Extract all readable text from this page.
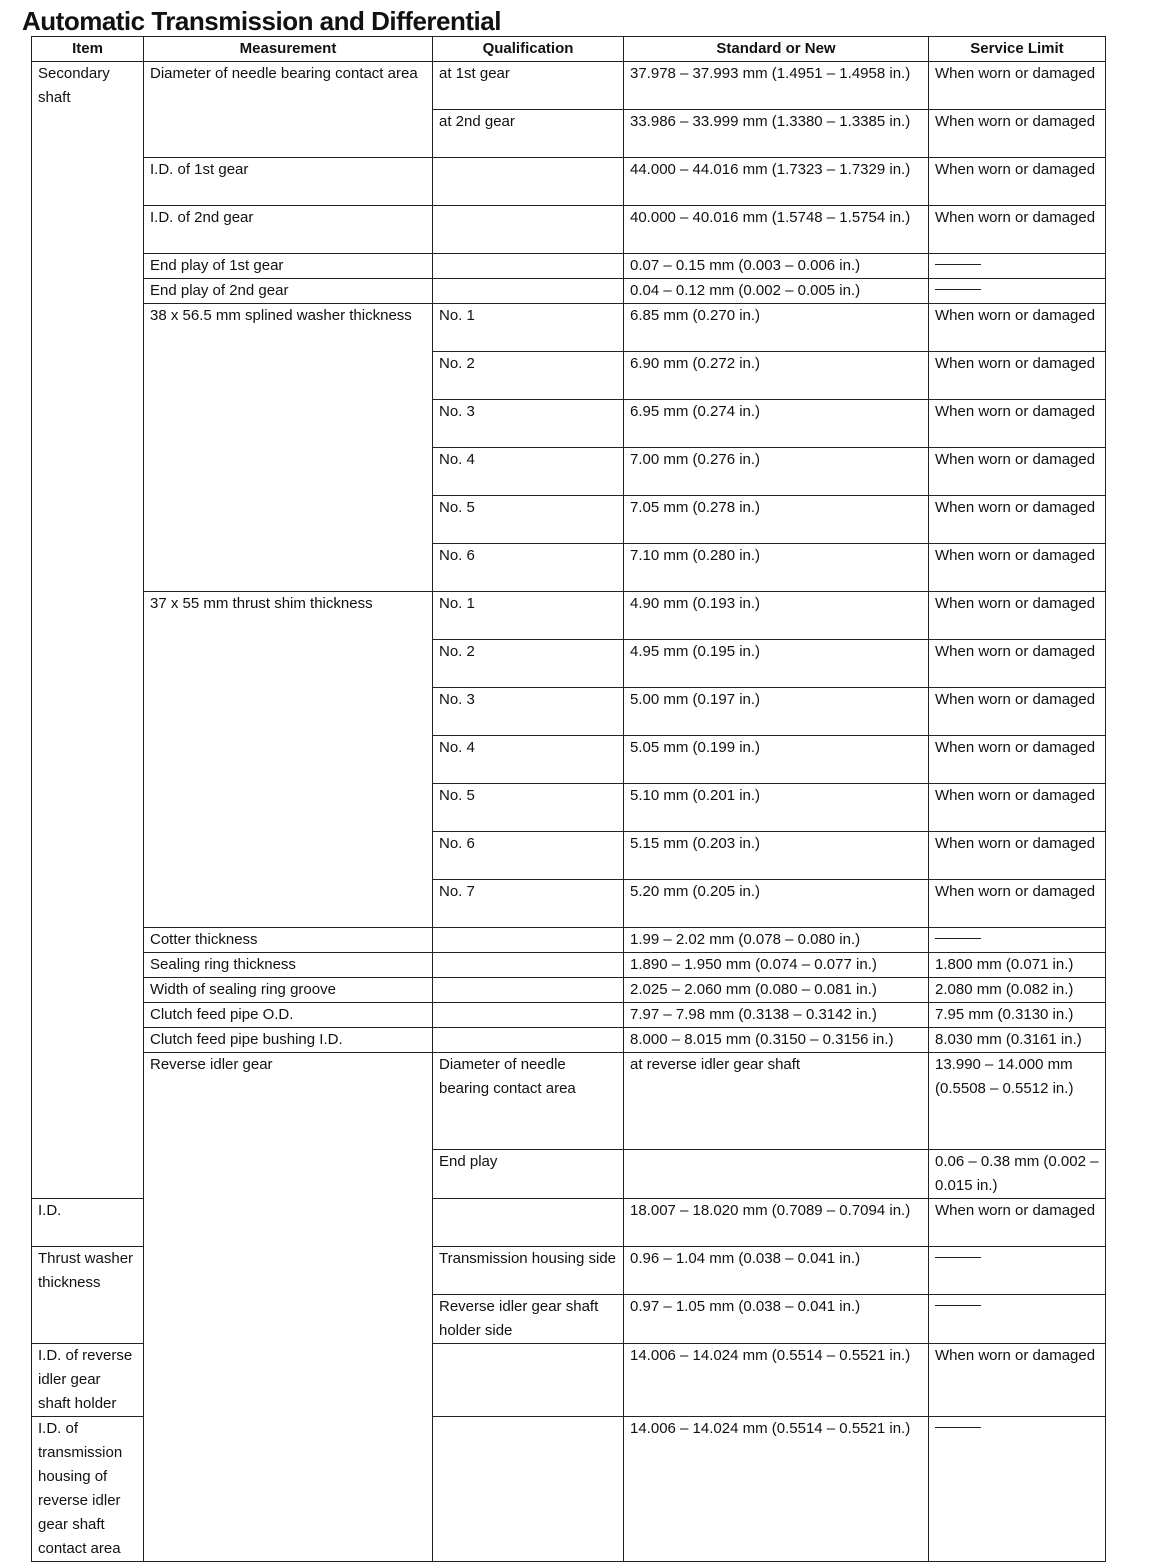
Automatic Transmission and Differential
Item	Measurement	Qualification	Standard or New	Service Limit	
Secondary shaft	Diameter of needle bearing contact area	at 1st gear	37.978 – 37.993 mm (1.4951 – 1.4958 in.)	When worn or damaged	
		at 2nd gear	33.986 – 33.999 mm (1.3380 – 1.3385 in.)	When worn or damaged	
	I.D. of 1st gear		44.000 – 44.016 mm (1.7323 – 1.7329 in.)	When worn or damaged	
	I.D. of 2nd gear		40.000 – 40.016 mm (1.5748 – 1.5754 in.)	When worn or damaged	
	End play of 1st gear		0.07 – 0.15 mm (0.003 – 0.006 in.)		
	End play of 2nd gear		0.04 – 0.12 mm (0.002 – 0.005 in.)		
	38 x 56.5 mm splined washer thickness	No. 1	6.85 mm (0.270 in.)	When worn or damaged	
		No. 2	6.90 mm (0.272 in.)	When worn or damaged	
		No. 3	6.95 mm (0.274 in.)	When worn or damaged	
		No. 4	7.00 mm (0.276 in.)	When worn or damaged	
		No. 5	7.05 mm (0.278 in.)	When worn or damaged	
		No. 6	7.10 mm (0.280 in.)	When worn or damaged	
	37 x 55 mm thrust shim thickness	No. 1	4.90 mm (0.193 in.)	When worn or damaged	
		No. 2	4.95 mm (0.195 in.)	When worn or damaged	
		No. 3	5.00 mm (0.197 in.)	When worn or damaged	
		No. 4	5.05 mm (0.199 in.)	When worn or damaged	
		No. 5	5.10 mm (0.201 in.)	When worn or damaged	
		No. 6	5.15 mm (0.203 in.)	When worn or damaged	
		No. 7	5.20 mm (0.205 in.)	When worn or damaged	
	Cotter thickness		1.99 – 2.02 mm (0.078 – 0.080 in.)		
	Sealing ring thickness		1.890 – 1.950 mm (0.074 – 0.077 in.)	1.800 mm (0.071 in.)	
	Width of sealing ring groove		2.025 – 2.060 mm (0.080 – 0.081 in.)	2.080 mm (0.082 in.)	
	Clutch feed pipe O.D.		7.97 – 7.98 mm (0.3138 – 0.3142 in.)	7.95 mm (0.3130 in.)	
	Clutch feed pipe bushing I.D.		8.000 – 8.015 mm (0.3150 – 0.3156 in.)	8.030 mm (0.3161 in.)	
	Reverse idler gear	Diameter of needle bearing contact area	at reverse idler gear shaft	13.990 – 14.000 mm (0.5508 – 0.5512 in.)	
		End play		0.06 – 0.38 mm (0.002 – 0.015 in.)	
I.D.			18.007 – 18.020 mm (0.7089 – 0.7094 in.)	When worn or damaged	
Thrust washer thickness		Transmission housing side	0.96 – 1.04 mm (0.038 – 0.041 in.)		
		Reverse idler gear shaft holder side	0.97 – 1.05 mm (0.038 – 0.041 in.)		
I.D. of reverse idler gear shaft holder			14.006 – 14.024 mm (0.5514 – 0.5521 in.)	When worn or damaged	
I.D. of transmission housing of reverse idler gear shaft contact area			14.006 – 14.024 mm (0.5514 – 0.5521 in.)		
